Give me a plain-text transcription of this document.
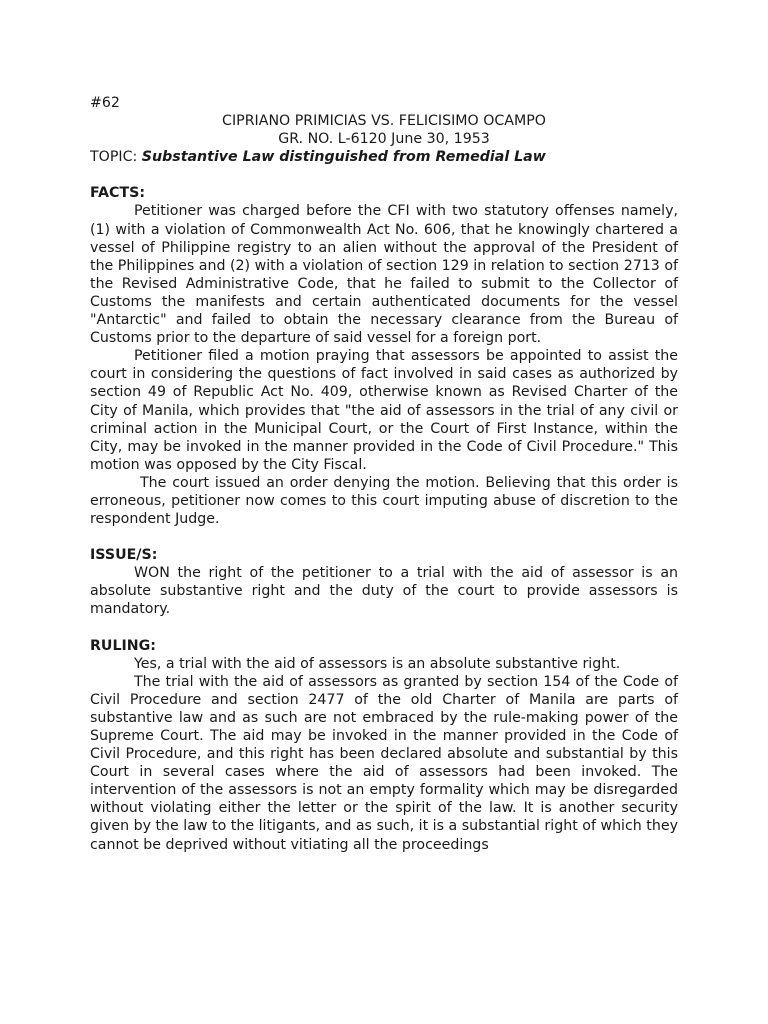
#62

CIPRIANO PRIMICIAS VS. FELICISIMO OCAMPO

GR. NO. L-6120 June 30, 1953

TOPIC: Substantive Law distinguished from Remedial Law

FACTS:

Petitioner was charged before the CFI with two statutory offenses namely, (1) with a violation of Commonwealth Act No. 606, that he knowingly chartered a vessel of Philippine registry to an alien without the approval of the President of the Philippines and (2) with a violation of section 129 in relation to section 2713 of the Revised Administrative Code, that he failed to submit to the Collector of Customs the manifests and certain authenticated documents for the vessel "Antarctic" and failed to obtain the necessary clearance from the Bureau of Customs prior to the departure of said vessel for a foreign port.

Petitioner filed a motion praying that assessors be appointed to assist the court in considering the questions of fact involved in said cases as authorized by section 49 of Republic Act No. 409, otherwise known as Revised Charter of the City of Manila, which provides that "the aid of assessors in the trial of any civil or criminal action in the Municipal Court, or the Court of First Instance, within the City, may be invoked in the manner provided in the Code of Civil Procedure." This motion was opposed by the City Fiscal.

The court issued an order denying the motion. Believing that this order is erroneous, petitioner now comes to this court imputing abuse of discretion to the respondent Judge.

ISSUE/S:

WON the right of the petitioner to a trial with the aid of assessor is an absolute substantive right and the duty of the court to provide assessors is mandatory.

RULING:

Yes, a trial with the aid of assessors is an absolute substantive right.

The trial with the aid of assessors as granted by section 154 of the Code of Civil Procedure and section 2477 of the old Charter of Manila are parts of substantive law and as such are not embraced by the rule-making power of the Supreme Court. The aid may be invoked in the manner provided in the Code of Civil Procedure, and this right has been declared absolute and substantial by this Court in several cases where the aid of assessors had been invoked. The intervention of the assessors is not an empty formality which may be disregarded without violating either the letter or the spirit of the law. It is another security given by the law to the litigants, and as such, it is a substantial right of which they cannot be deprived without vitiating all the proceedings
